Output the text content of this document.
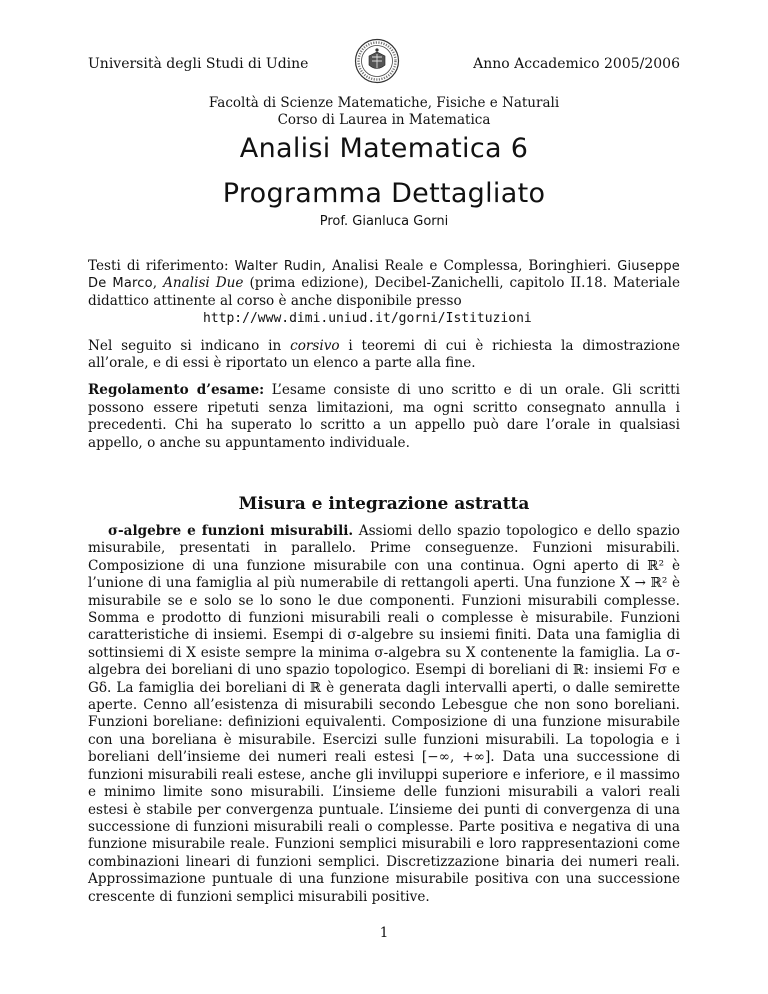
Università degli Studi di Udine	Anno Accademico 2005/2006
Facoltà di Scienze Matematiche, Fisiche e Naturali
Corso di Laurea in Matematica
Analisi Matematica 6
Programma Dettagliato
Prof. Gianluca Gorni

Testi di riferimento: Walter Rudin, Analisi Reale e Complessa, Boringhieri. Giuseppe De Marco, Analisi Due (prima edizione), Decibel-Zanichelli, capitolo II.18. Materiale didattico attinente al corso è anche disponibile presso
http://www.dimi.uniud.it/gorni/Istituzioni

Nel seguito si indicano in corsivo i teoremi di cui è richiesta la dimostrazione all’orale, e di essi è riportato un elenco a parte alla fine.

Regolamento d’esame: L’esame consiste di uno scritto e di un orale. Gli scritti possono essere ripetuti senza limitazioni, ma ogni scritto consegnato annulla i precedenti. Chi ha superato lo scritto a un appello può dare l’orale in qualsiasi appello, o anche su appuntamento individuale.

Misura e integrazione astratta

σ-algebre e funzioni misurabili. Assiomi dello spazio topologico e dello spazio misurabile, presentati in parallelo. Prime conseguenze. Funzioni misurabili. Composizione di una funzione misurabile con una continua. Ogni aperto di ℝ² è l’unione di una famiglia al più numerabile di rettangoli aperti. Una funzione X → ℝ² è misurabile se e solo se lo sono le due componenti. Funzioni misurabili complesse. Somma e prodotto di funzioni misurabili reali o complesse è misurabile. Funzioni caratteristiche di insiemi. Esempi di σ-algebre su insiemi finiti. Data una famiglia di sottinsiemi di X esiste sempre la minima σ-algebra su X contenente la famiglia. La σ-algebra dei boreliani di uno spazio topologico. Esempi di boreliani di ℝ: insiemi Fσ e Gδ. La famiglia dei boreliani di ℝ è generata dagli intervalli aperti, o dalle semirette aperte. Cenno all’esistenza di misurabili secondo Lebesgue che non sono boreliani. Funzioni boreliane: definizioni equivalenti. Composizione di una funzione misurabile con una boreliana è misurabile. Esercizi sulle funzioni misurabili. La topologia e i boreliani dell’insieme dei numeri reali estesi [−∞, +∞]. Data una successione di funzioni misurabili reali estese, anche gli inviluppi superiore e inferiore, e il massimo e minimo limite sono misurabili. L’insieme delle funzioni misurabili a valori reali estesi è stabile per convergenza puntuale. L’insieme dei punti di convergenza di una successione di funzioni misurabili reali o complesse. Parte positiva e negativa di una funzione misurabile reale. Funzioni semplici misurabili e loro rappresentazioni come combinazioni lineari di funzioni semplici. Discretizzazione binaria dei numeri reali. Approssimazione puntuale di una funzione misurabile positiva con una successione crescente di funzioni semplici misurabili positive.

1
